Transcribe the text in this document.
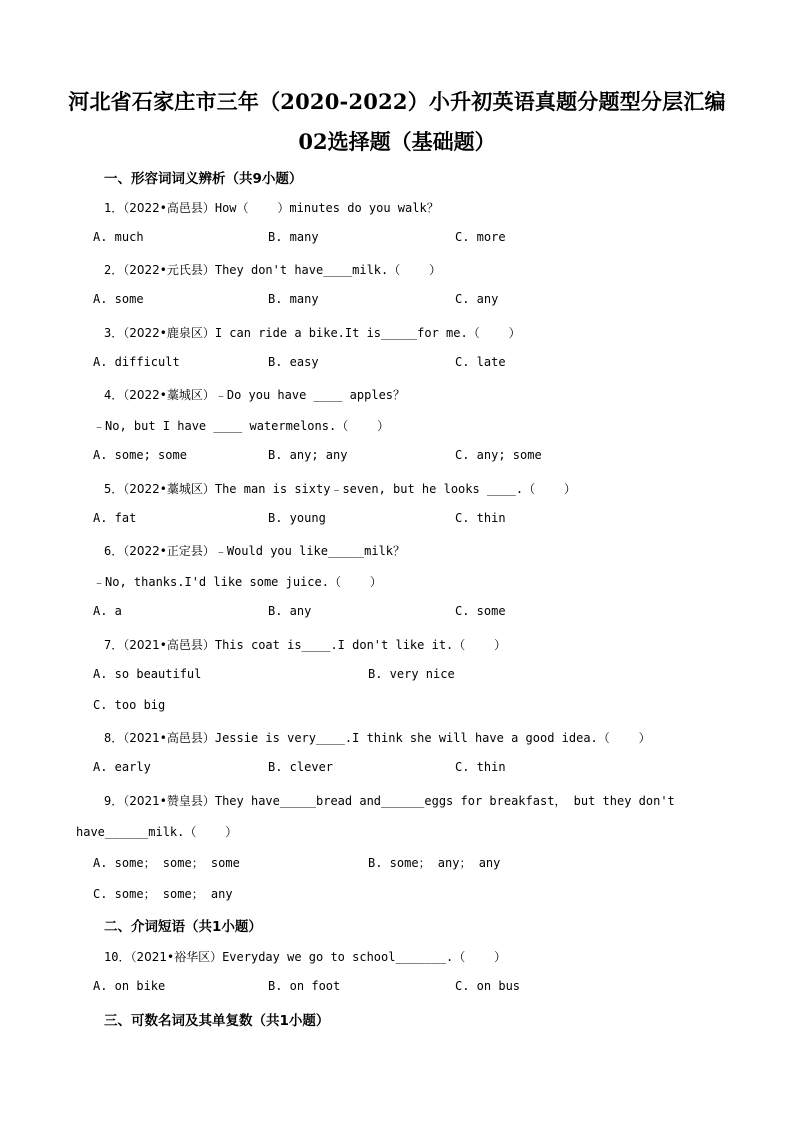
河北省石家庄市三年（2020-2022）小升初英语真题分题型分层汇编
02选择题（基础题）
一、形容词词义辨析（共9小题）
1．（2022•高邑县）How（    ）minutes do you walk？
A. much	B. many	C. more
2．（2022•元氏县）They don't have____milk.（    ）
A. some	B. many	C. any
3．（2022•鹿泉区）I can ride a bike.It is_____for me.（    ）
A. difficult	B. easy	C. late
4．（2022•藁城区）﹣Do you have ____ apples？
﹣No, but I have ____ watermelons.（    ）
A. some; some	B. any; any	C. any; some
5．（2022•藁城区）The man is sixty﹣seven, but he looks ____.（    ）
A. fat	B. young	C. thin
6．（2022•正定县）﹣Would you like_____milk？
﹣No, thanks.I'd like some juice.（    ）
A. a	B. any	C. some
7．（2021•高邑县）This coat is____.I don't like it.（    ）
A. so beautiful	B. very nice
C. too big
8．（2021•高邑县）Jessie is very____.I think she will have a good idea.（    ）
A. early	B. clever	C. thin
9．（2021•赞皇县）They have_____bread and______eggs for breakfast， but they don't
have______milk.（    ）
A. some； some； some	B. some； any； any
C. some； some； any
二、介词短语（共1小题）
10．（2021•裕华区）Everyday we go to school_______.（    ）
A. on bike	B. on foot	C. on bus
三、可数名词及其单复数（共1小题）
